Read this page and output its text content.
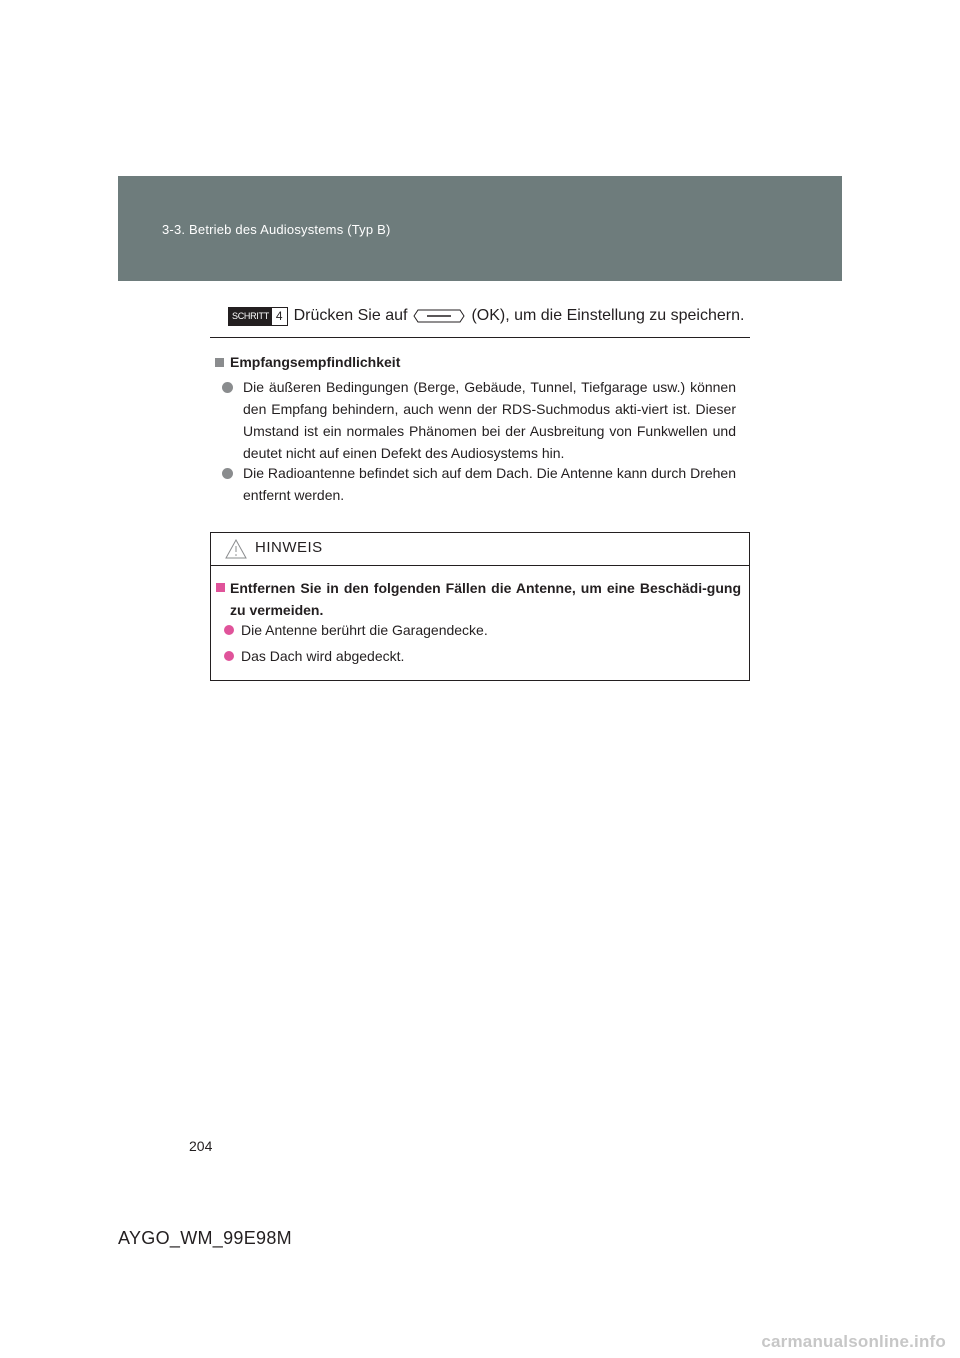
3-3. Betrieb des Audiosystems (Typ B)
SCHRITT 4 Drücken Sie auf	(OK), um die Einstellung zu speichern.
Empfangsempfindlichkeit
Die äußeren Bedingungen (Berge, Gebäude, Tunnel, Tiefgarage usw.) können den Empfang behindern, auch wenn der RDS-Suchmodus akti-viert ist. Dieser Umstand ist ein normales Phänomen bei der Ausbreitung von Funkwellen und deutet nicht auf einen Defekt des Audiosystems hin.
Die Radioantenne befindet sich auf dem Dach. Die Antenne kann durch Drehen entfernt werden.
HINWEIS
Entfernen Sie in den folgenden Fällen die Antenne, um eine Beschädi-gung zu vermeiden.
Die Antenne berührt die Garagendecke.
Das Dach wird abgedeckt.
204
AYGO_WM_99E98M
carmanualsonline.info
